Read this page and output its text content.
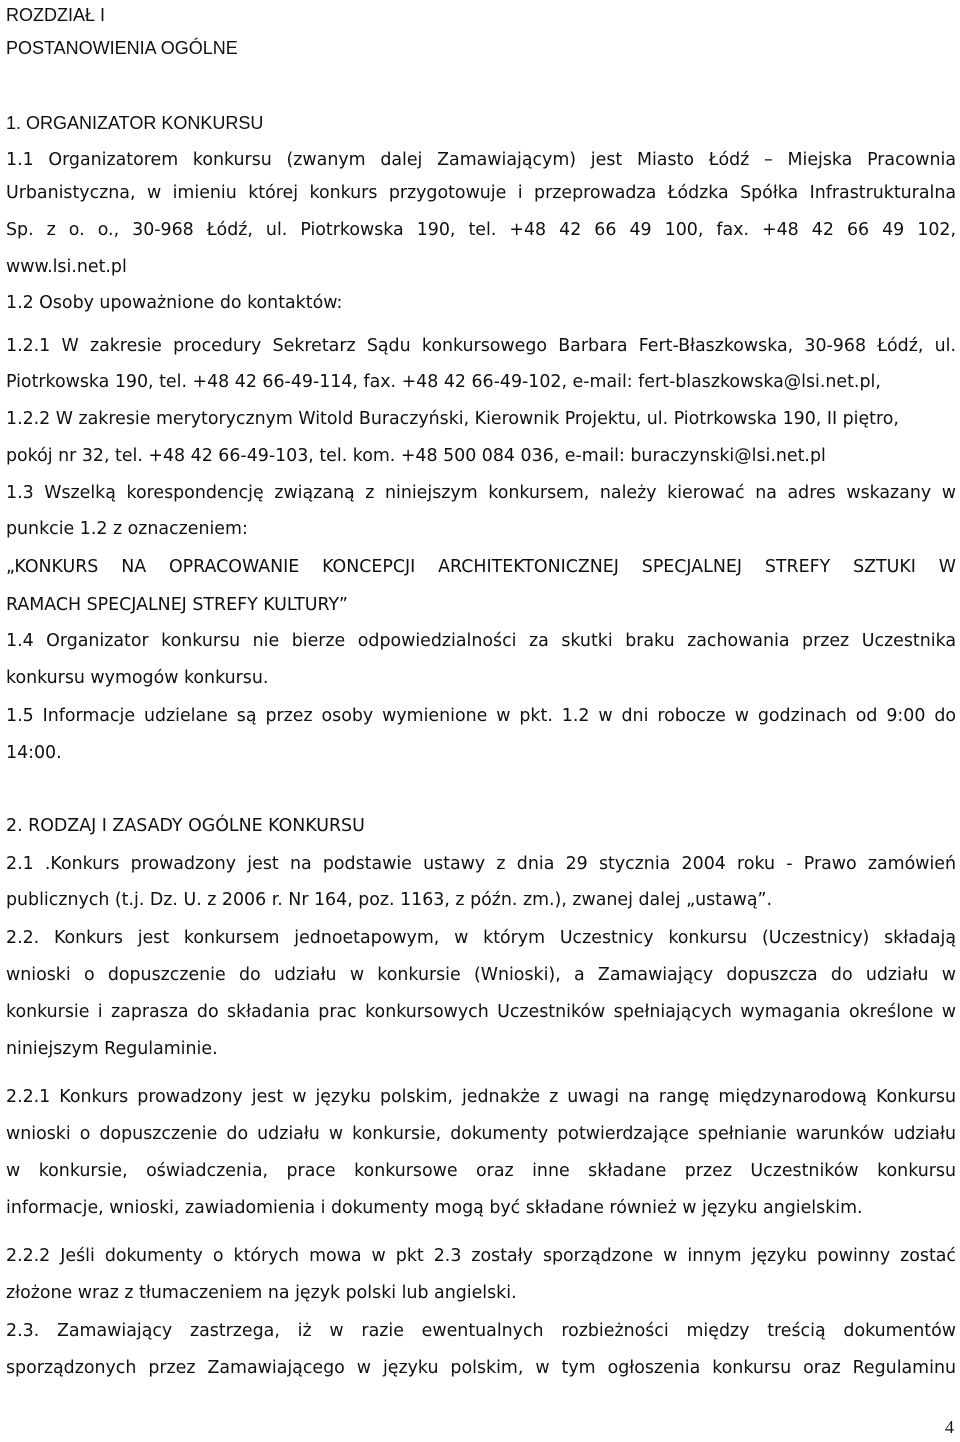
ROZDZIAŁ I
POSTANOWIENIA OGÓLNE
1. ORGANIZATOR KONKURSU
1.1 Organizatorem konkursu (zwanym dalej Zamawiającym) jest Miasto Łódź – Miejska Pracownia
Urbanistyczna, w imieniu której konkurs przygotowuje i przeprowadza Łódzka Spółka Infrastrukturalna
Sp. z o. o., 30-968 Łódź, ul. Piotrkowska 190, tel. +48 42 66 49 100, fax. +48 42 66 49 102,
www.lsi.net.pl
1.2 Osoby upoważnione do kontaktów:
1.2.1 W zakresie procedury Sekretarz Sądu konkursowego Barbara Fert-Błaszkowska, 30-968 Łódź, ul.
Piotrkowska 190, tel. +48 42 66-49-114, fax. +48 42 66-49-102, e-mail: fert-blaszkowska@lsi.net.pl,
1.2.2 W zakresie merytorycznym Witold Buraczyński, Kierownik Projektu, ul. Piotrkowska 190, II piętro,
pokój nr 32, tel. +48 42 66-49-103, tel. kom. +48 500 084 036, e-mail: buraczynski@lsi.net.pl
1.3 Wszelką korespondencję związaną z niniejszym konkursem, należy kierować na adres wskazany w
punkcie 1.2 z oznaczeniem:
„KONKURS NA OPRACOWANIE KONCEPCJI ARCHITEKTONICZNEJ SPECJALNEJ STREFY SZTUKI W
RAMACH SPECJALNEJ STREFY KULTURY”
1.4 Organizator konkursu nie bierze odpowiedzialności za skutki braku zachowania przez Uczestnika
konkursu wymogów konkursu.
1.5 Informacje udzielane są przez osoby wymienione w pkt. 1.2 w dni robocze w godzinach od 9:00 do
14:00.
2. RODZAJ I ZASADY OGÓLNE KONKURSU
2.1 .Konkurs prowadzony jest na podstawie ustawy z dnia 29 stycznia 2004 roku - Prawo zamówień
publicznych (t.j. Dz. U. z 2006 r. Nr 164, poz. 1163, z późn. zm.), zwanej dalej „ustawą”.
2.2. Konkurs jest konkursem jednoetapowym, w którym Uczestnicy konkursu (Uczestnicy) składają
wnioski o dopuszczenie do udziału w konkursie (Wnioski), a Zamawiający dopuszcza do udziału w
konkursie i zaprasza do składania prac konkursowych Uczestników spełniających wymagania określone w
niniejszym Regulaminie.
2.2.1 Konkurs prowadzony jest w języku polskim, jednakże z uwagi na rangę międzynarodową Konkursu
wnioski o dopuszczenie do udziału w konkursie, dokumenty potwierdzające spełnianie warunków udziału
w konkursie, oświadczenia, prace konkursowe oraz inne składane przez Uczestników konkursu
informacje, wnioski, zawiadomienia i dokumenty mogą być składane również w języku angielskim.
2.2.2 Jeśli dokumenty o których mowa w pkt 2.3 zostały sporządzone w innym języku powinny zostać
złożone wraz z tłumaczeniem na język polski lub angielski.
2.3. Zamawiający zastrzega, iż w razie ewentualnych rozbieżności między treścią dokumentów
sporządzonych przez Zamawiającego w języku polskim, w tym ogłoszenia konkursu oraz Regulaminu
4
